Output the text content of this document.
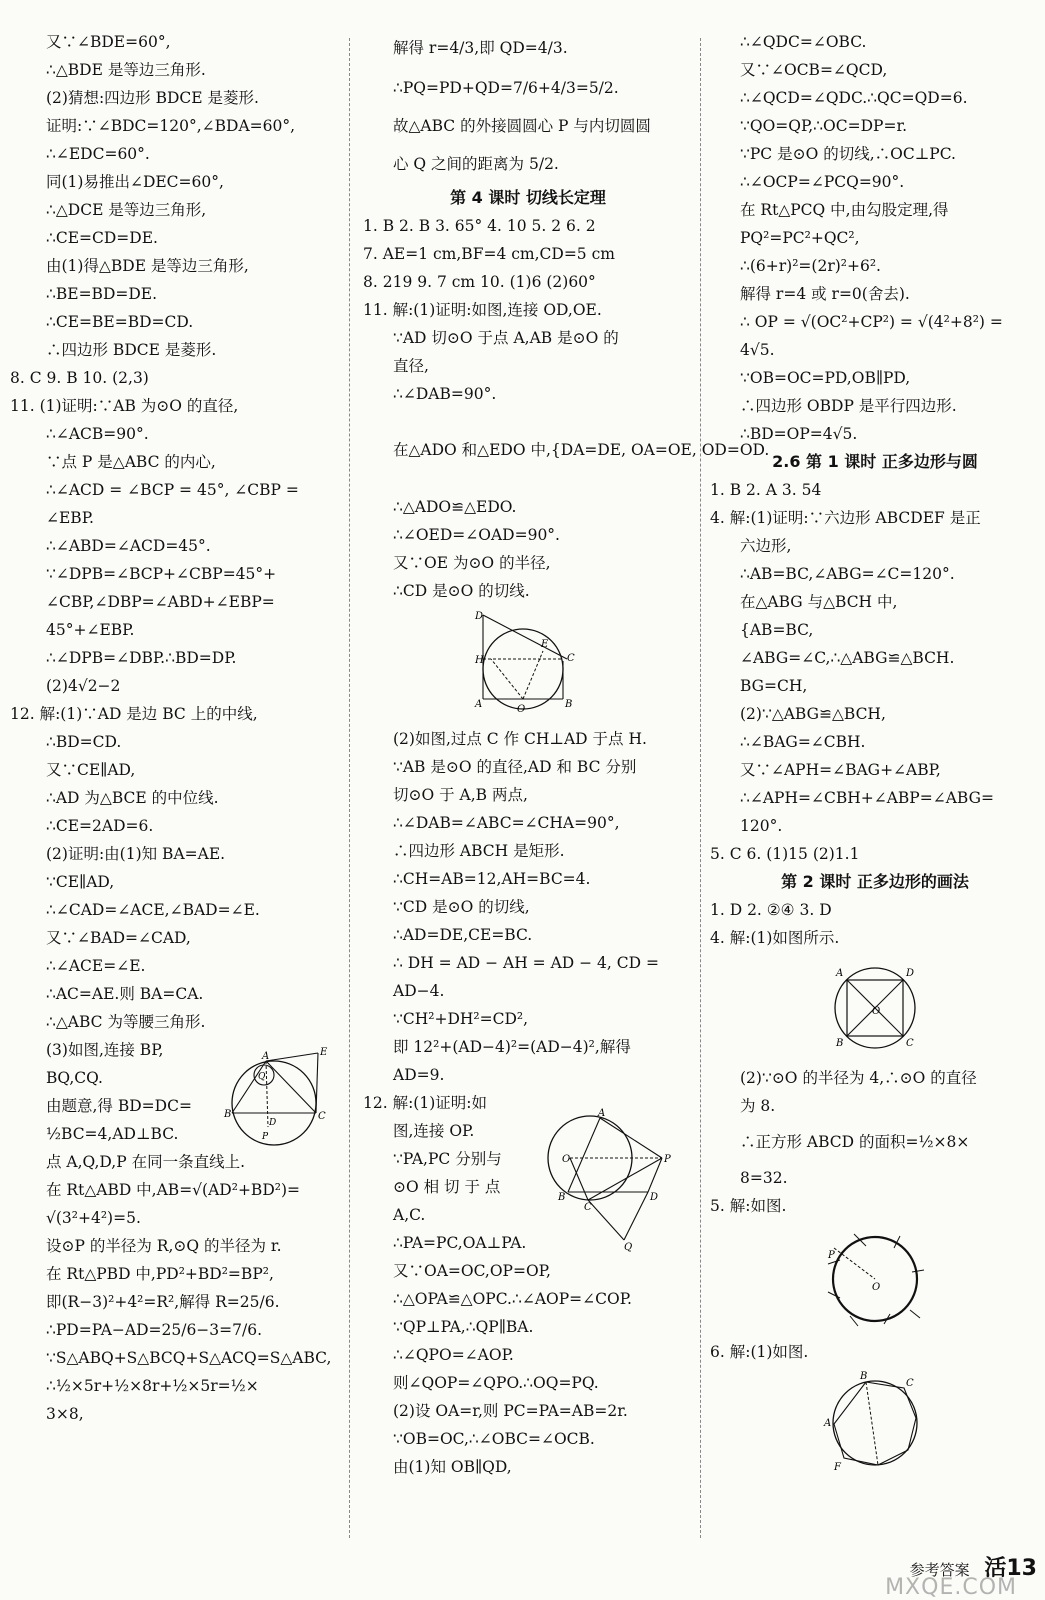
又∵∠BDE=60°,
∴△BDE 是等边三角形.
(2)猜想:四边形 BDCE 是菱形.
证明:∵∠BDC=120°,∠BDA=60°,
∴∠EDC=60°.
同(1)易推出∠DEC=60°,
∴△DCE 是等边三角形,
∴CE=CD=DE.
由(1)得△BDE 是等边三角形,
∴BE=BD=DE.
∴CE=BE=BD=CD.
∴四边形 BDCE 是菱形.
8. C 9. B 10. (2,3)
11. (1)证明:∵AB 为⊙O 的直径,
∴∠ACB=90°.
∵点 P 是△ABC 的内心,
∴∠ACD = ∠BCP = 45°, ∠CBP =
∠EBP.
∴∠ABD=∠ACD=45°.
∵∠DPB=∠BCP+∠CBP=45°+
∠CBP,∠DBP=∠ABD+∠EBP=
45°+∠EBP.
∴∠DPB=∠DBP.∴BD=DP.
(2)4√2−2
12. 解:(1)∵AD 是边 BC 上的中线,
∴BD=CD.
又∵CE∥AD,
∴AD 为△BCE 的中位线.
∴CE=2AD=6.
(2)证明:由(1)知 BA=AE.
∵CE∥AD,
∴∠CAD=∠ACE,∠BAD=∠E.
又∵∠BAD=∠CAD,
∴∠ACE=∠E.
∴AC=AE.则 BA=CA.
∴△ABC 为等腰三角形.
(3)如图,连接 BP,
BQ,CQ.
由题意,得 BD=DC=
½BC=4,AD⊥BC.
点 A,Q,D,P 在同一条直线上.
在 Rt△ABD 中,AB=√(AD²+BD²)=
√(3²+4²)=5.
设⊙P 的半径为 R,⊙Q 的半径为 r.
在 Rt△PBD 中,PD²+BD²=BP²,
即(R−3)²+4²=R²,解得 R=25/6.
∴PD=PA−AD=25/6−3=7/6.
∵S△ABQ+S△BCQ+S△ACQ=S△ABC,
∴½×5r+½×8r+½×5r=½×
3×8,
A	E
B	C
D
P
Q
解得 r=4/3,即 QD=4/3.
∴PQ=PD+QD=7/6+4/3=5/2.
故△ABC 的外接圆圆心 P 与内切圆圆
心 Q 之间的距离为 5/2.
第 4 课时 切线长定理
1. B 2. B 3. 65° 4. 10 5. 2 6. 2
7. AE=1 cm,BF=4 cm,CD=5 cm
8. 219 9. 7 cm 10. (1)6 (2)60°
11. 解:(1)证明:如图,连接 OD,OE.
∵AD 切⊙O 于点 A,AB 是⊙O 的
直径,
∴∠DAB=90°.
在△ADO 和△EDO 中,{DA=DE, OA=OE, OD=OD.
∴△ADO≌△EDO.
∴∠OED=∠OAD=90°.
又∵OE 为⊙O 的半径,
∴CD 是⊙O 的切线.
D
E
C
H
A	B
O
(2)如图,过点 C 作 CH⊥AD 于点 H.
∵AB 是⊙O 的直径,AD 和 BC 分别
切⊙O 于 A,B 两点,
∴∠DAB=∠ABC=∠CHA=90°,
∴四边形 ABCH 是矩形.
∴CH=AB=12,AH=BC=4.
∵CD 是⊙O 的切线,
∴AD=DE,CE=BC.
∴ DH = AD − AH = AD − 4, CD =
AD−4.
∵CH²+DH²=CD²,
即 12²+(AD−4)²=(AD−4)²,解得
AD=9.
12. 解:(1)证明:如
图,连接 OP.
∵PA,PC 分别与
⊙O 相 切 于 点
A,C.
∴PA=PC,OA⊥PA.
又∵OA=OC,OP=OP,
∴△OPA≌△OPC.∴∠AOP=∠COP.
∵QP⊥PA,∴QP∥BA.
∴∠QPO=∠AOP.
则∠QOP=∠QPO.∴OQ=PQ.
(2)设 OA=r,则 PC=PA=AB=2r.
∵OB=OC,∴∠OBC=∠OCB.
由(1)知 OB∥QD,
A
O	P
B
C
D
Q
∴∠QDC=∠OBC.
又∵∠OCB=∠QCD,
∴∠QCD=∠QDC.∴QC=QD=6.
∵QO=QP,∴OC=DP=r.
∵PC 是⊙O 的切线,∴OC⊥PC.
∴∠OCP=∠PCQ=90°.
在 Rt△PCQ 中,由勾股定理,得
PQ²=PC²+QC²,
∴(6+r)²=(2r)²+6².
解得 r=4 或 r=0(舍去).
∴ OP = √(OC²+CP²) = √(4²+8²) =
4√5.
∵OB=OC=PD,OB∥PD,
∴四边形 OBDP 是平行四边形.
∴BD=OP=4√5.
2.6 第 1 课时 正多边形与圆
1. B 2. A 3. 54
4. 解:(1)证明:∵六边形 ABCDEF 是正
六边形,
∴AB=BC,∠ABG=∠C=120°.
在△ABG 与△BCH 中,
{AB=BC,
∠ABG=∠C,∴△ABG≌△BCH.
BG=CH,
(2)∵△ABG≌△BCH,
∴∠BAG=∠CBH.
又∵∠APH=∠BAG+∠ABP,
∴∠APH=∠CBH+∠ABP=∠ABG=
120°.
5. C 6. (1)15 (2)1.1
第 2 课时 正多边形的画法
1. D 2. ②④ 3. D
4. 解:(1)如图所示.
A	D
B	C
O
(2)∵⊙O 的半径为 4,∴⊙O 的直径
为 8.
∴正方形 ABCD 的面积=½×8×
8=32.
5. 解:如图.
P
O
6. 解:(1)如图.
B
C
A
F
参考答案 活13
MXQE.COM
